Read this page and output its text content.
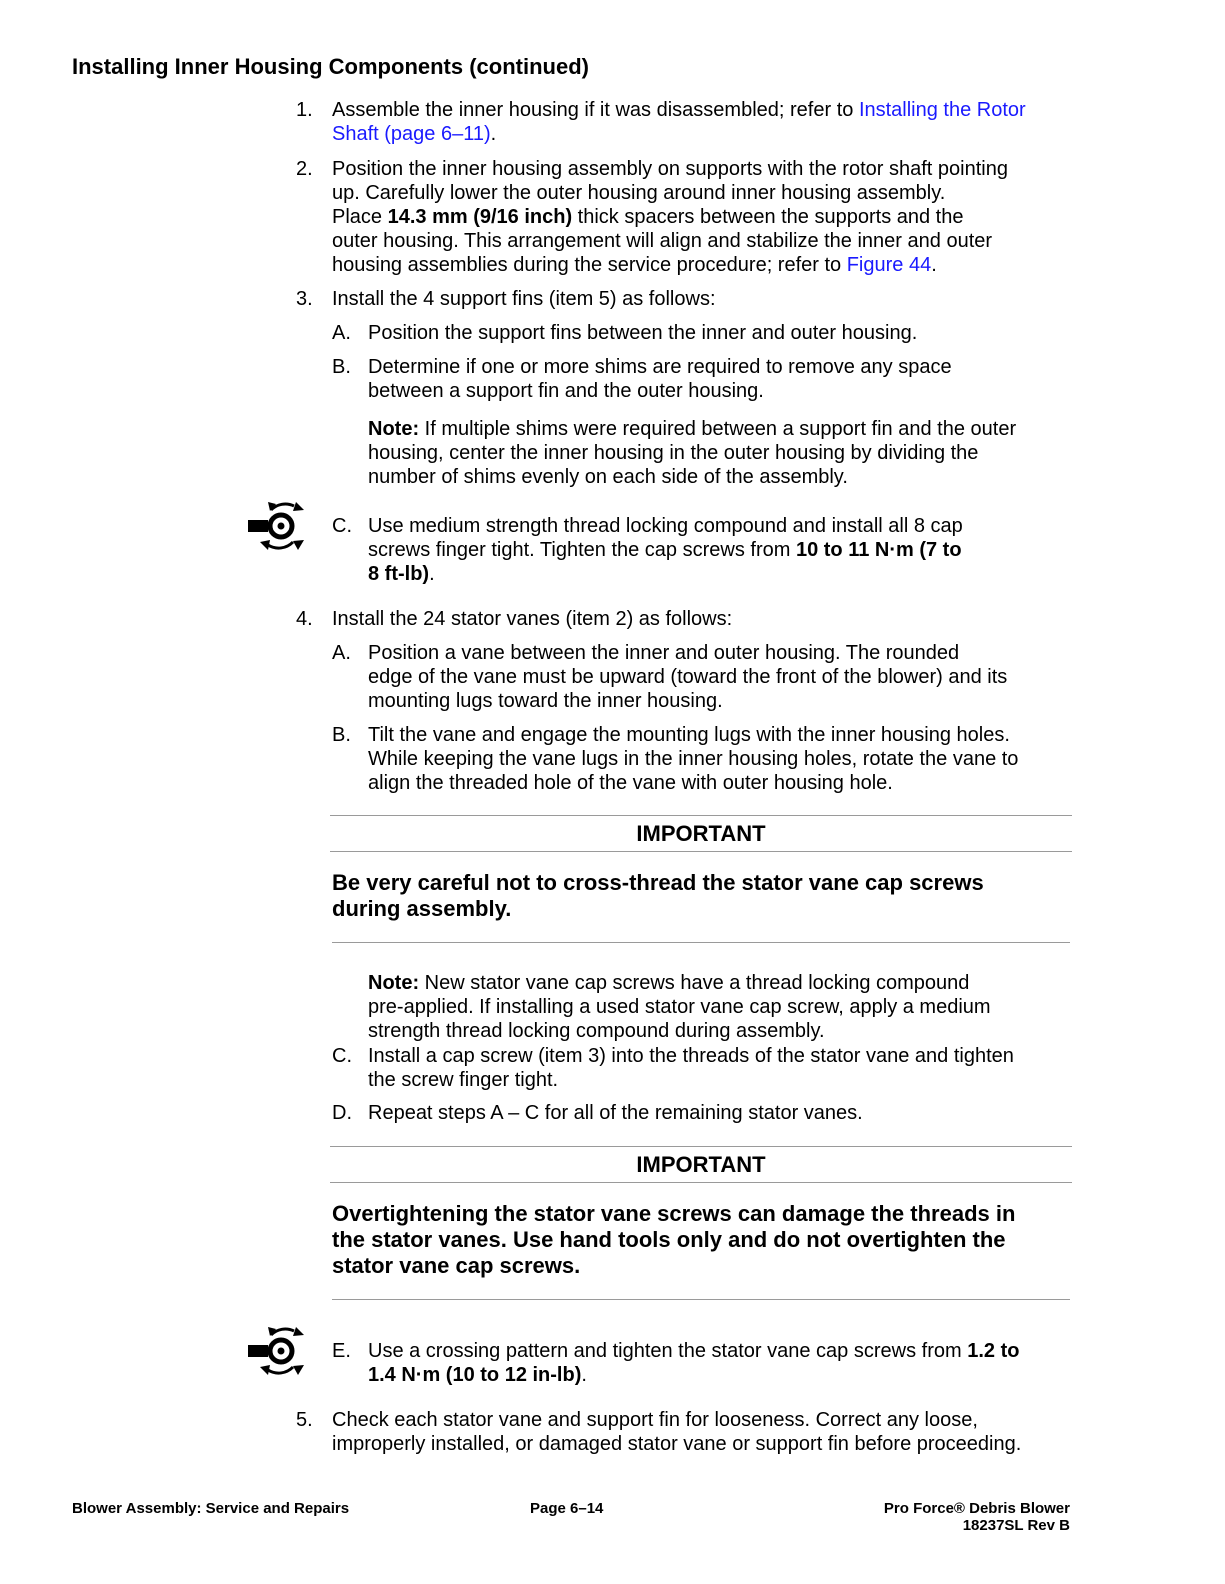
Installing Inner Housing Components (continued)
1. Assemble the inner housing if it was disassembled; refer to Installing the Rotor Shaft (page 6–11).
2. Position the inner housing assembly on supports with the rotor shaft pointing
up. Carefully lower the outer housing around inner housing assembly.
Place 14.3 mm (9/16 inch) thick spacers between the supports and the
outer housing. This arrangement will align and stabilize the inner and outer
housing assemblies during the service procedure; refer to Figure 44.
3. Install the 4 support fins (item 5) as follows:
A. Position the support fins between the inner and outer housing.
B. Determine if one or more shims are required to remove any space
between a support fin and the outer housing.
Note: If multiple shims were required between a support fin and the outer
housing, center the inner housing in the outer housing by dividing the
number of shims evenly on each side of the assembly.
C. Use medium strength thread locking compound and install all 8 cap
screws finger tight. Tighten the cap screws from 10 to 11 N·m (7 to
8 ft-lb).
4. Install the 24 stator vanes (item 2) as follows:
A. Position a vane between the inner and outer housing. The rounded
edge of the vane must be upward (toward the front of the blower) and its
mounting lugs toward the inner housing.
B. Tilt the vane and engage the mounting lugs with the inner housing holes.
While keeping the vane lugs in the inner housing holes, rotate the vane to
align the threaded hole of the vane with outer housing hole.
IMPORTANT
Be very careful not to cross-thread the stator vane cap screws
during assembly.
Note: New stator vane cap screws have a thread locking compound
pre-applied. If installing a used stator vane cap screw, apply a medium
strength thread locking compound during assembly.
C. Install a cap screw (item 3) into the threads of the stator vane and tighten
the screw finger tight.
D. Repeat steps A – C for all of the remaining stator vanes.
IMPORTANT
Overtightening the stator vane screws can damage the threads in
the stator vanes. Use hand tools only and do not overtighten the
stator vane cap screws.
E. Use a crossing pattern and tighten the stator vane cap screws from 1.2 to
1.4 N·m (10 to 12 in-lb).
5. Check each stator vane and support fin for looseness. Correct any loose,
improperly installed, or damaged stator vane or support fin before proceeding.
Blower Assembly: Service and Repairs	Page 6–14	Pro Force® Debris Blower
18237SL Rev B
